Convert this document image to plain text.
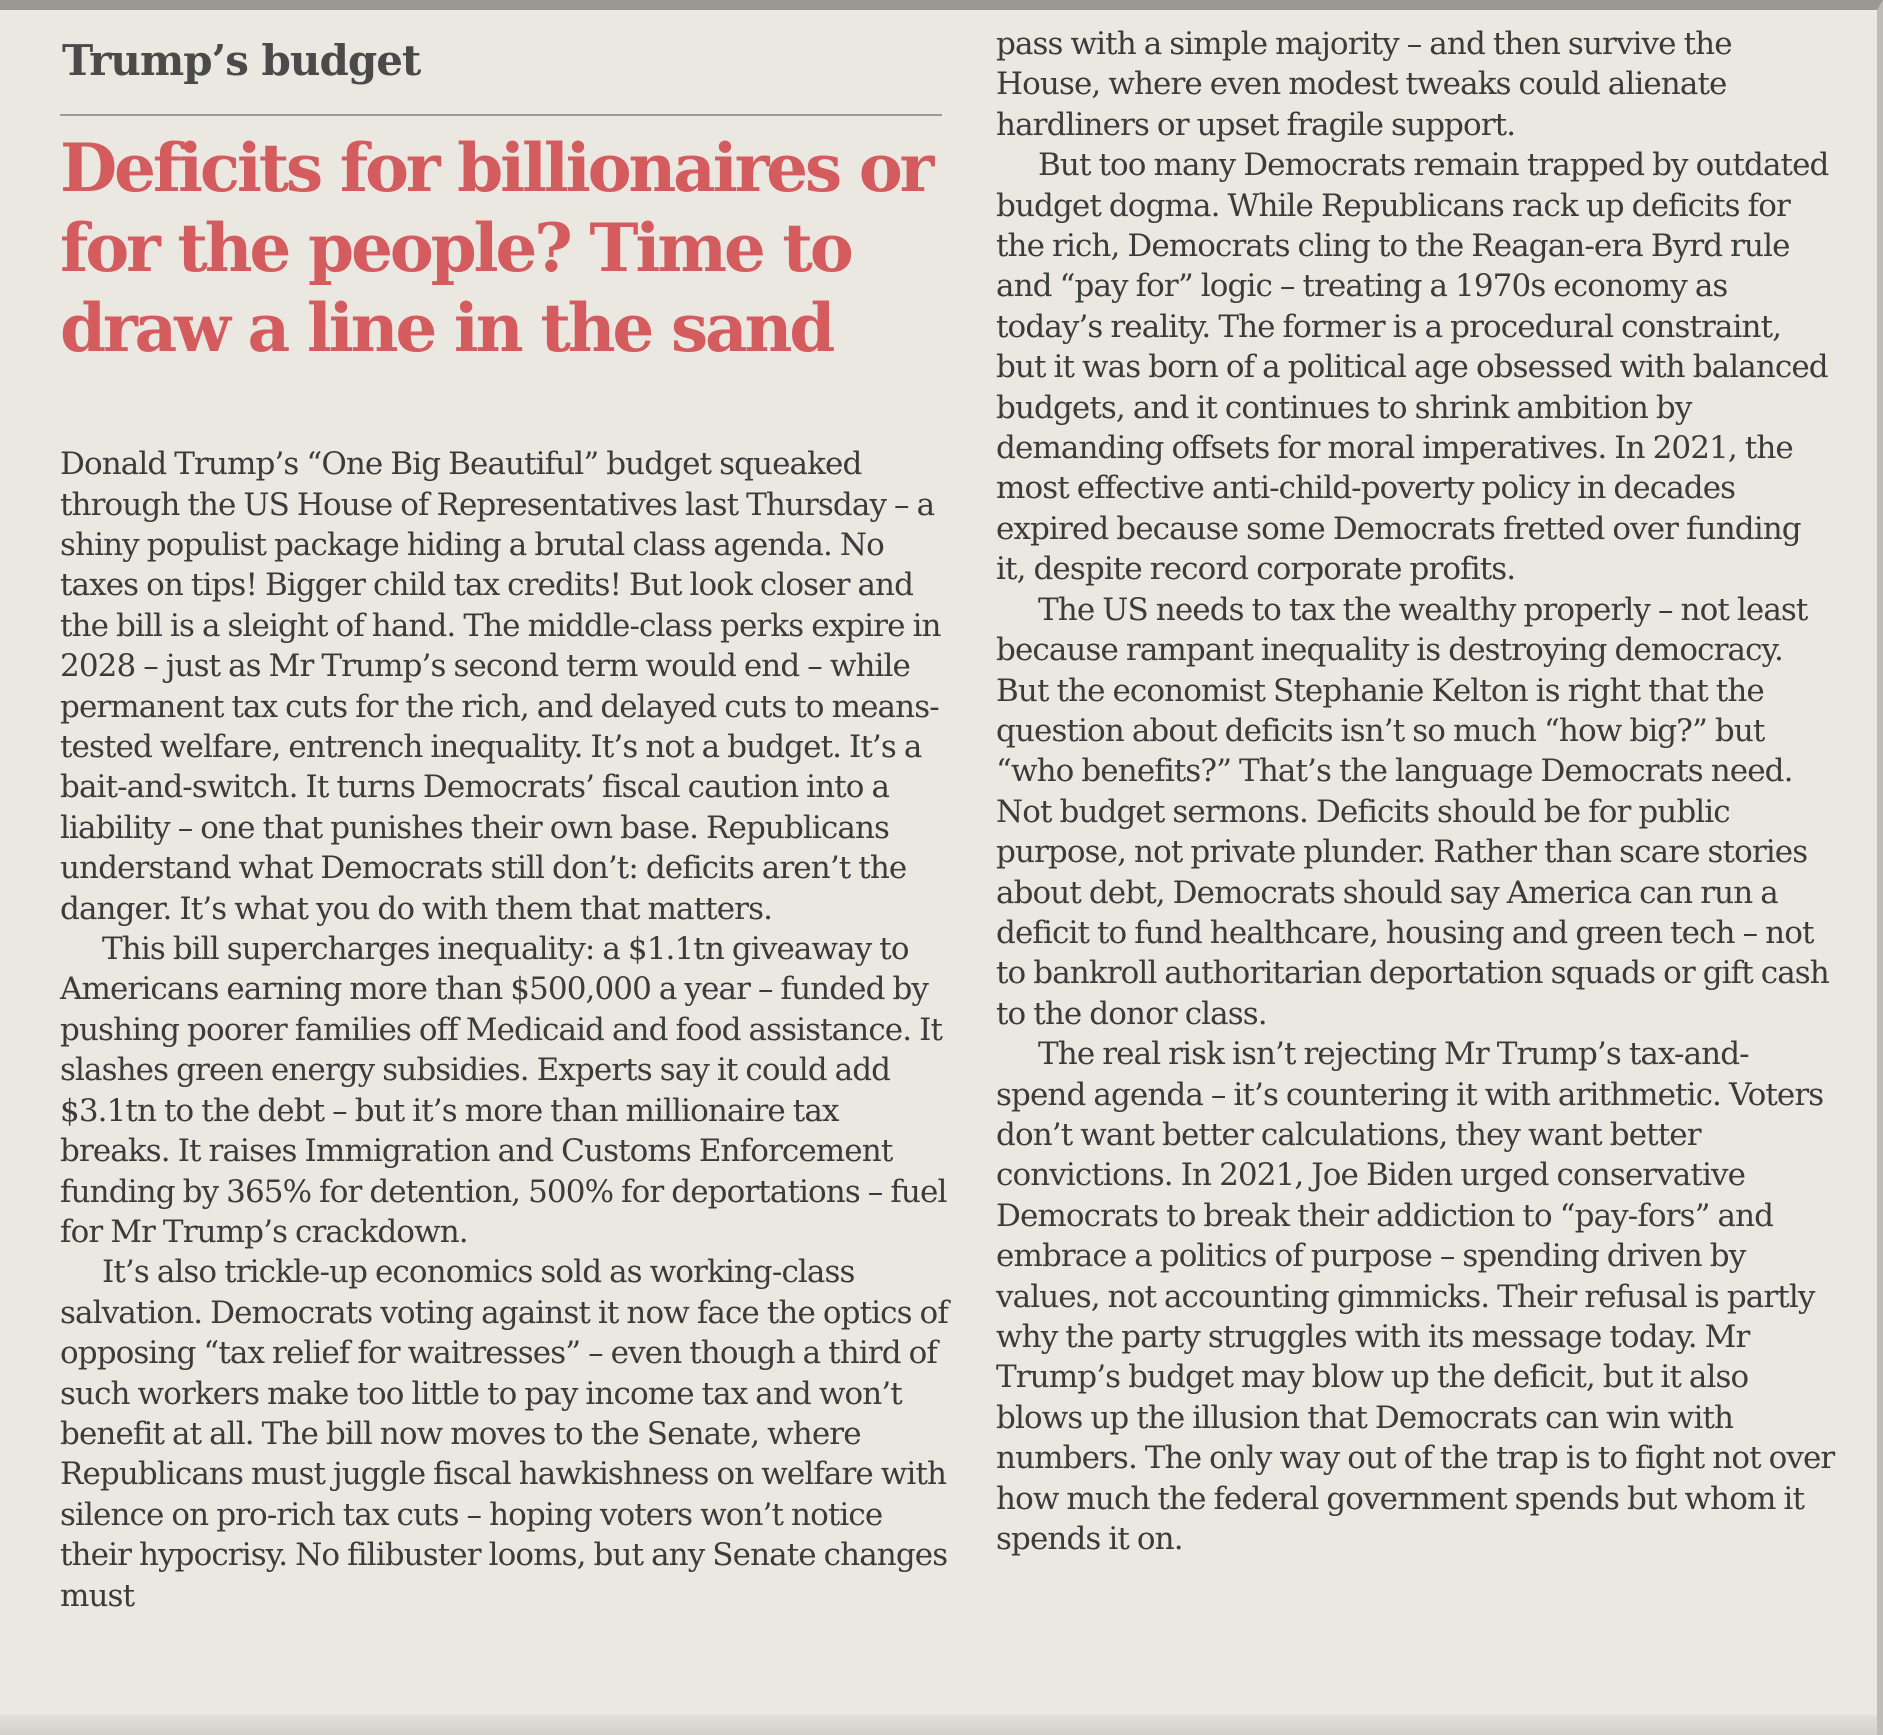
Trump’s budget
Deficits for billionaires or for the people? Time to draw a line in the sand

Donald Trump’s “One Big Beautiful” budget squeaked through the US House of Representatives last Thursday – a shiny populist package hiding a brutal class agenda. No taxes on tips! Bigger child tax credits! But look closer and the bill is a sleight of hand. The middle-class perks expire in 2028 – just as Mr Trump’s second term would end – while permanent tax cuts for the rich, and delayed cuts to means-tested welfare, entrench inequality. It’s not a budget. It’s a bait-and-switch. It turns Democrats’ fiscal caution into a liability – one that punishes their own base. Republicans understand what Democrats still don’t: deficits aren’t the danger. It’s what you do with them that matters.

This bill supercharges inequality: a $1.1tn giveaway to Americans earning more than $500,000 a year – funded by pushing poorer families off Medicaid and food assistance. It slashes green energy subsidies. Experts say it could add $3.1tn to the debt – but it’s more than millionaire tax breaks. It raises Immigration and Customs Enforcement funding by 365% for detention, 500% for deportations – fuel for Mr Trump’s crackdown.

It’s also trickle-up economics sold as working-class salvation. Democrats voting against it now face the optics of opposing “tax relief for waitresses” – even though a third of such workers make too little to pay income tax and won’t benefit at all. The bill now moves to the Senate, where Republicans must juggle fiscal hawkishness on welfare with silence on pro-rich tax cuts – hoping voters won’t notice their hypocrisy. No filibuster looms, but any Senate changes must

pass with a simple majority – and then survive the House, where even modest tweaks could alienate hardliners or upset fragile support.

But too many Democrats remain trapped by outdated budget dogma. While Republicans rack up deficits for the rich, Democrats cling to the Reagan-era Byrd rule and “pay for” logic – treating a 1970s economy as today’s reality. The former is a procedural constraint, but it was born of a political age obsessed with balanced budgets, and it continues to shrink ambition by demanding offsets for moral imperatives. In 2021, the most effective anti-child-poverty policy in decades expired because some Democrats fretted over funding it, despite record corporate profits.

The US needs to tax the wealthy properly – not least because rampant inequality is destroying democracy. But the economist Stephanie Kelton is right that the question about deficits isn’t so much “how big?” but “who benefits?” That’s the language Democrats need. Not budget sermons. Deficits should be for public purpose, not private plunder. Rather than scare stories about debt, Democrats should say America can run a deficit to fund healthcare, housing and green tech – not to bankroll authoritarian deportation squads or gift cash to the donor class.

The real risk isn’t rejecting Mr Trump’s tax-and-spend agenda – it’s countering it with arithmetic. Voters don’t want better calculations, they want better convictions. In 2021, Joe Biden urged conservative Democrats to break their addiction to “pay-fors” and embrace a politics of purpose – spending driven by values, not accounting gimmicks. Their refusal is partly why the party struggles with its message today. Mr Trump’s budget may blow up the deficit, but it also blows up the illusion that Democrats can win with numbers. The only way out of the trap is to fight not over how much the federal government spends but whom it spends it on.
